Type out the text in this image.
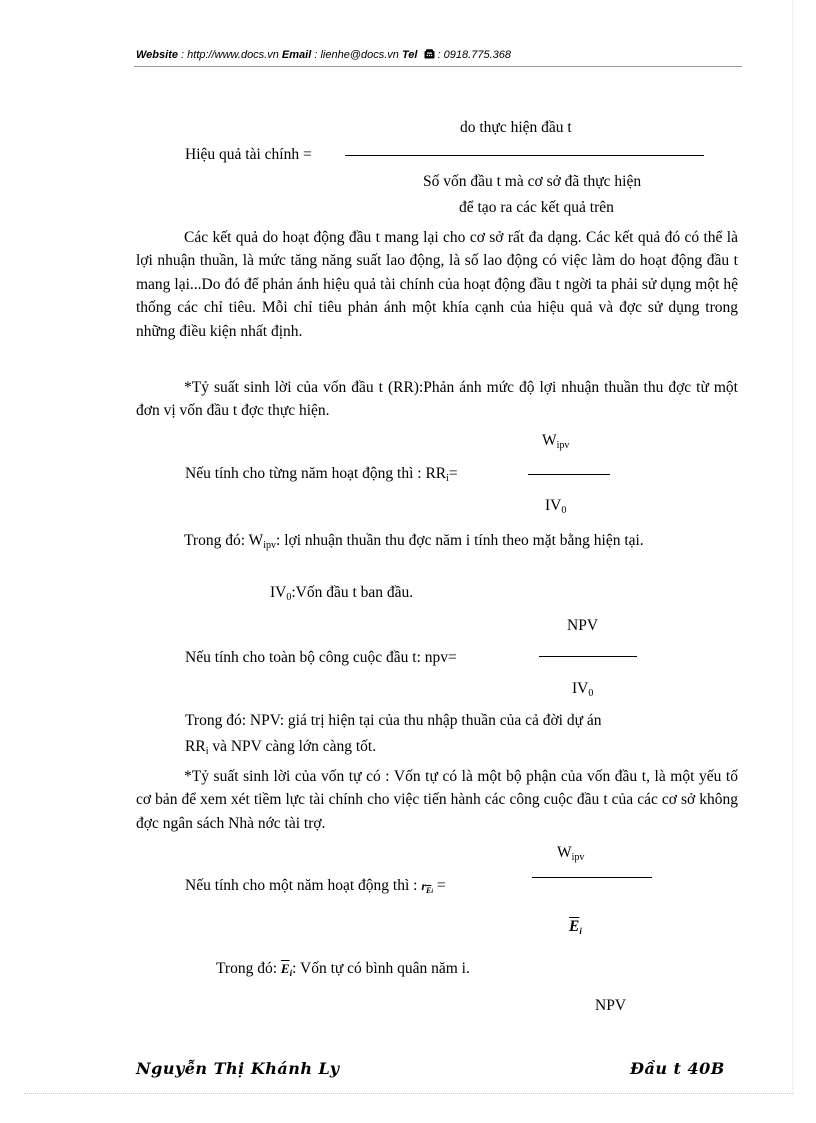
Website : http://www.docs.vn Email : lienhe@docs.vn Tel  : 0918.775.368
do thực hiện đầu t
Hiệu quả tài chính =
Số vốn đầu t mà cơ sở đã thực hiện
để tạo ra các kết quả trên
Các kết quả do hoạt động đầu t mang lại cho cơ sở rất đa dạng. Các kết quả đó có thể là lợi nhuận thuần, là mức tăng năng suất lao động, là số lao động có việc làm do hoạt động đầu t mang lại...Do đó để phản ánh hiệu quả tài chính của hoạt động đầu t ngời ta phải sử dụng một hệ thống các chỉ tiêu. Mỗi chỉ tiêu phản ánh một khía cạnh của hiệu quả và đợc sử dụng trong những điều kiện nhất định.
*Tỷ suất sinh lời của vốn đầu t (RR):Phản ánh mức độ lợi nhuận thuần thu đợc từ một đơn vị vốn đầu t đợc thực hiện.
$W_{ipv}$
Nếu tính cho từng năm hoạt động thì : $RR_i=$
$IV_0$
Trong đó: $W_{ipv}$: lợi nhuận thuần thu đợc năm i tính theo mặt bằng hiện tại.
$IV_0:Vốn$ đầu t ban đầu.
NPV
Nếu tính cho toàn bộ công cuộc đầu t: npv=
$IV_0$
Trong đó: NPV: giá trị hiện tại của thu nhập thuần của cả đời dự án
$RR_i$ và NPV càng lớn càng tốt.
*Tỷ suất sinh lời của vốn tự có : Vốn tự có là một bộ phận của vốn đầu t, là một yếu tố cơ bản để xem xét tiềm lực tài chính cho việc tiến hành các công cuộc đầu t của các cơ sở không đợc ngân sách Nhà nớc tài trợ.
$W_{ipv}$
Nếu tính cho một năm hoạt động thì : $r_{\overline{E}i}$ =
$\overline{E}_i$
Trong đó: $\overline{E}_i$: Vốn tự có bình quân năm i.
NPV
Nguyễn Thị Khánh Ly	Đầu t 40B
